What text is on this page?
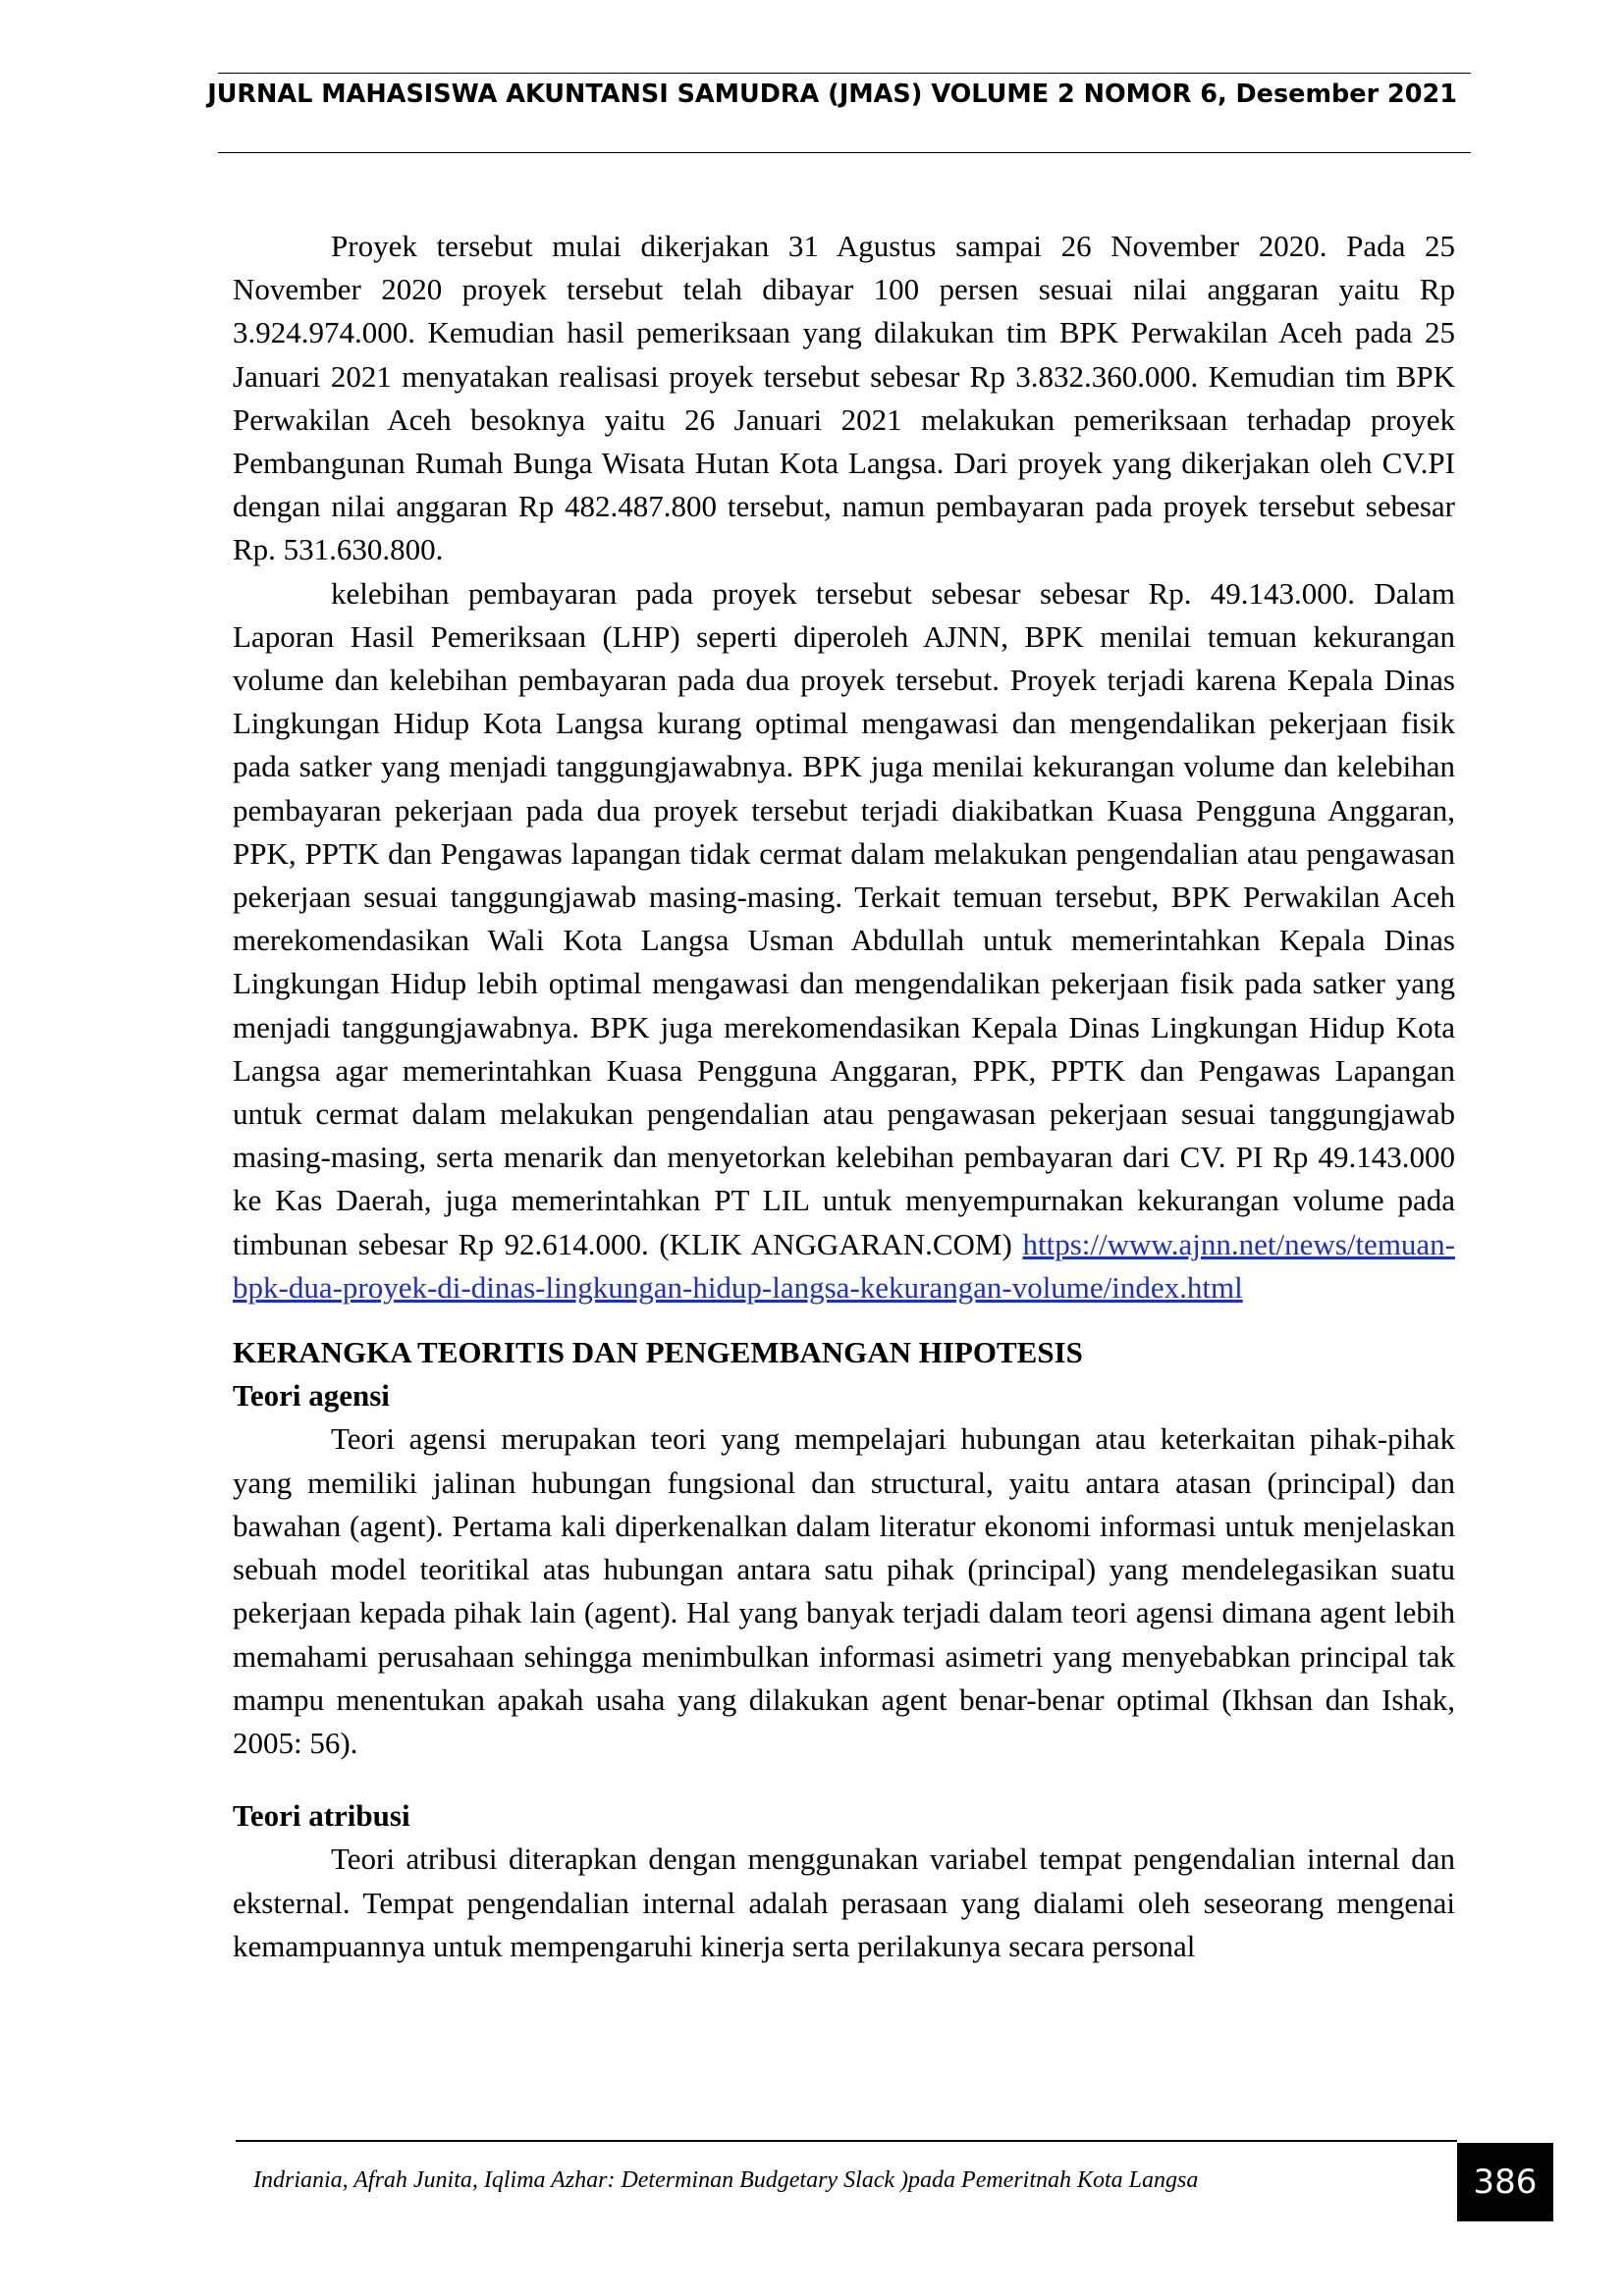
JURNAL MAHASISWA AKUNTANSI SAMUDRA (JMAS) VOLUME 2 NOMOR 6, Desember 2021

Proyek tersebut mulai dikerjakan 31 Agustus sampai 26 November 2020. Pada 25 November 2020 proyek tersebut telah dibayar 100 persen sesuai nilai anggaran yaitu Rp 3.924.974.000. Kemudian hasil pemeriksaan yang dilakukan tim BPK Perwakilan Aceh pada 25 Januari 2021 menyatakan realisasi proyek tersebut sebesar Rp 3.832.360.000. Kemudian tim BPK Perwakilan Aceh besoknya yaitu 26 Januari 2021 melakukan pemeriksaan terhadap proyek Pembangunan Rumah Bunga Wisata Hutan Kota Langsa. Dari proyek yang dikerjakan oleh CV.PI dengan nilai anggaran Rp 482.487.800 tersebut, namun pembayaran pada proyek tersebut sebesar Rp. 531.630.800.

kelebihan pembayaran pada proyek tersebut sebesar sebesar Rp. 49.143.000. Dalam Laporan Hasil Pemeriksaan (LHP) seperti diperoleh AJNN, BPK menilai temuan kekurangan volume dan kelebihan pembayaran pada dua proyek tersebut. Proyek terjadi karena Kepala Dinas Lingkungan Hidup Kota Langsa kurang optimal mengawasi dan mengendalikan pekerjaan fisik pada satker yang menjadi tanggungjawabnya. BPK juga menilai kekurangan volume dan kelebihan pembayaran pekerjaan pada dua proyek tersebut terjadi diakibatkan Kuasa Pengguna Anggaran, PPK, PPTK dan Pengawas lapangan tidak cermat dalam melakukan pengendalian atau pengawasan pekerjaan sesuai tanggungjawab masing-masing. Terkait temuan tersebut, BPK Perwakilan Aceh merekomendasikan Wali Kota Langsa Usman Abdullah untuk memerintahkan Kepala Dinas Lingkungan Hidup lebih optimal mengawasi dan mengendalikan pekerjaan fisik pada satker yang menjadi tanggungjawabnya. BPK juga merekomendasikan Kepala Dinas Lingkungan Hidup Kota Langsa agar memerintahkan Kuasa Pengguna Anggaran, PPK, PPTK dan Pengawas Lapangan untuk cermat dalam melakukan pengendalian atau pengawasan pekerjaan sesuai tanggungjawab masing-masing, serta menarik dan menyetorkan kelebihan pembayaran dari CV. PI Rp 49.143.000 ke Kas Daerah, juga memerintahkan PT LIL untuk menyempurnakan kekurangan volume pada timbunan sebesar Rp 92.614.000. (KLIK ANGGARAN.COM) https://www.ajnn.net/news/temuan-bpk-dua-proyek-di-dinas-lingkungan-hidup-langsa-kekurangan-volume/index.html

KERANGKA TEORITIS DAN PENGEMBANGAN HIPOTESIS

Teori agensi

Teori agensi merupakan teori yang mempelajari hubungan atau keterkaitan pihak-pihak yang memiliki jalinan hubungan fungsional dan structural, yaitu antara atasan (principal) dan bawahan (agent). Pertama kali diperkenalkan dalam literatur ekonomi informasi untuk menjelaskan sebuah model teoritikal atas hubungan antara satu pihak (principal) yang mendelegasikan suatu pekerjaan kepada pihak lain (agent). Hal yang banyak terjadi dalam teori agensi dimana agent lebih memahami perusahaan sehingga menimbulkan informasi asimetri yang menyebabkan principal tak mampu menentukan apakah usaha yang dilakukan agent benar-benar optimal (Ikhsan dan Ishak, 2005: 56).

Teori atribusi

Teori atribusi diterapkan dengan menggunakan variabel tempat pengendalian internal dan eksternal. Tempat pengendalian internal adalah perasaan yang dialami oleh seseorang mengenai kemampuannya untuk mempengaruhi kinerja serta perilakunya secara personal

Indriania, Afrah Junita, Iqlima Azhar: Determinan Budgetary Slack )pada Pemeritnah Kota Langsa	386
